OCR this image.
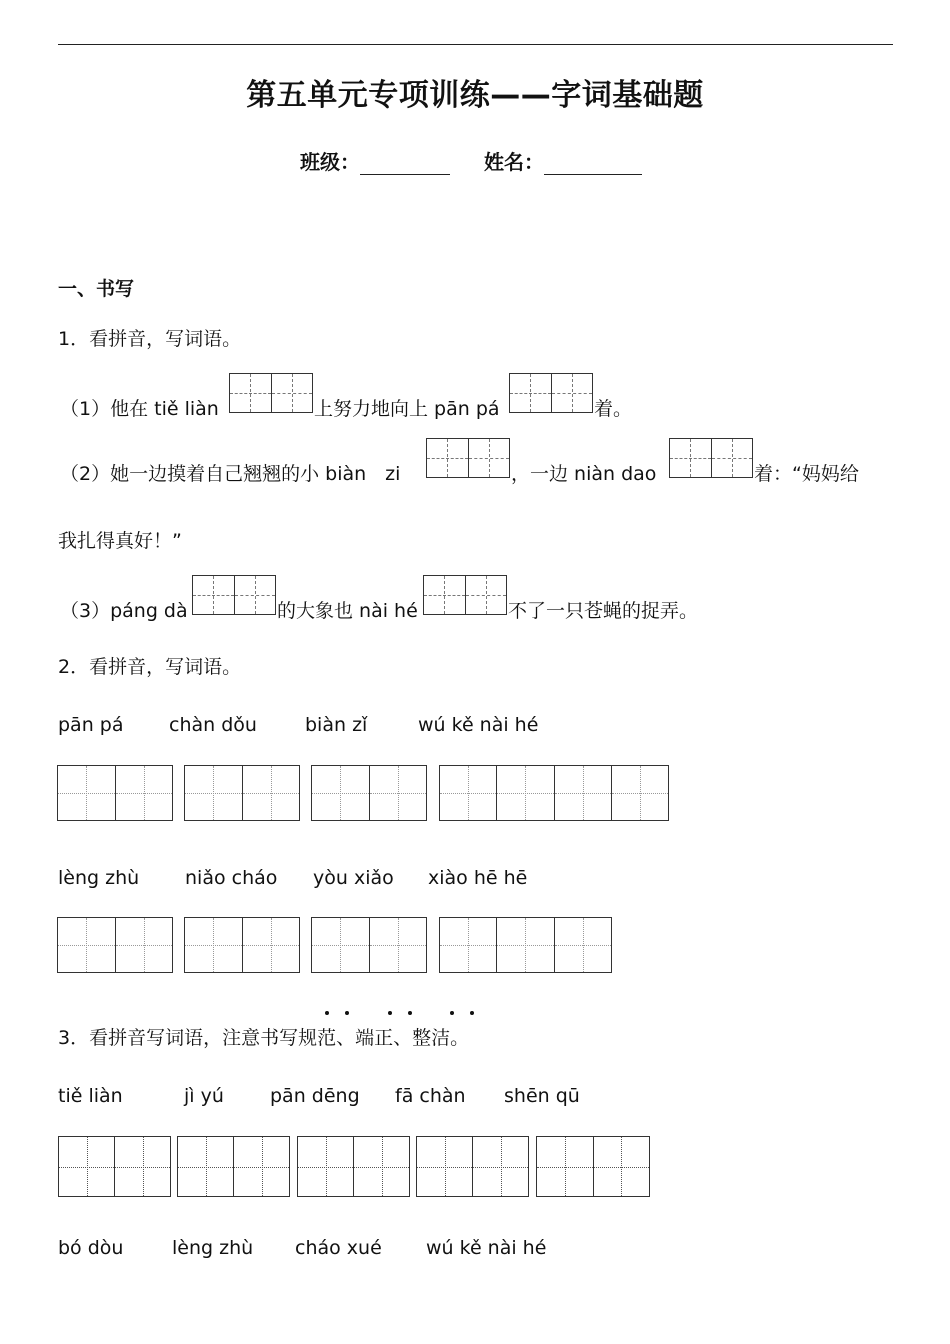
第五单元专项训练——字词基础题
班级：	姓名：
一、书写
1．看拼音，写词语。
（1）他在 tiě liàn	上努力地向上 pān pá	着。
（2）她一边摸着自己翘翘的小 biàn　zi	，一边 niàn dao	着：“妈妈给
我扎得真好！”
（3）páng dà	的大象也 nài hé	不了一只苍蝇的捉弄。
2．看拼音，写词语。
pān pá chàn dǒu	biàn zǐ	wú kě nài hé
lèng zhù niǎo cháo yòu xiǎo xiào hē hē
3．看拼音写词语，注意书写规范、端正、整洁。
tiě liàn	jì yú pān dēng fā chàn shēn qū
bó dòu	lèng zhù cháo xué wú kě nài hé
